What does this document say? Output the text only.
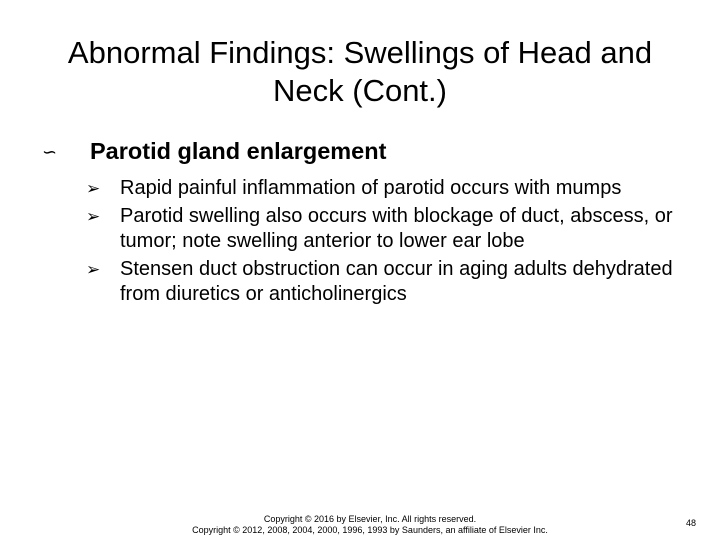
Abnormal Findings: Swellings of Head and Neck (Cont.)
∽	Parotid gland enlargement
➢ Rapid painful inflammation of parotid occurs with mumps
➢ Parotid swelling also occurs with blockage of duct, abscess, or tumor; note swelling anterior to lower ear lobe
➢ Stensen duct obstruction can occur in aging adults dehydrated from diuretics or anticholinergics
Copyright © 2016 by Elsevier, Inc. All rights reserved.
Copyright © 2012, 2008, 2004, 2000, 1996, 1993 by Saunders, an affiliate of Elsevier Inc.
48
